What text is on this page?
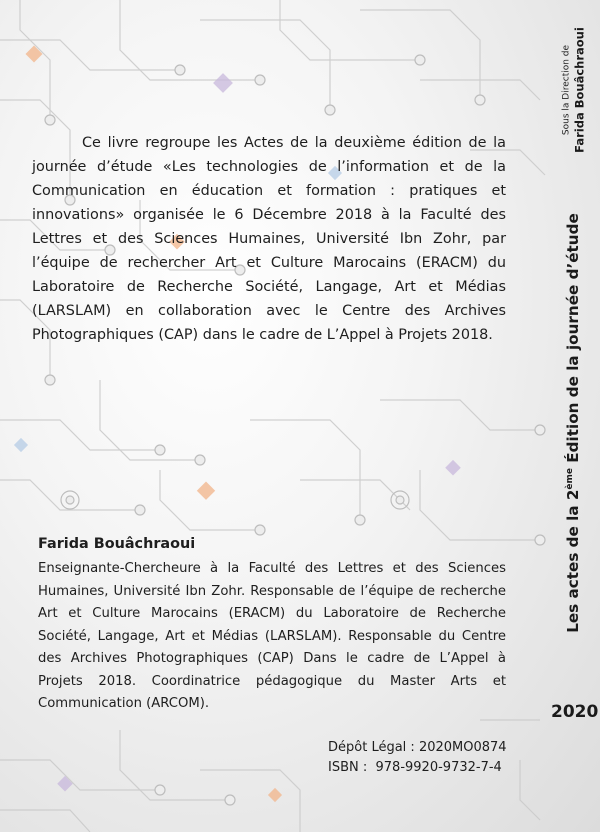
Ce livre regroupe les Actes de la deuxième édition de la journée d’étude «Les technologies de l’information et de la Communication en éducation et formation : pratiques et innovations» organisée le 6 Décembre 2018 à la Faculté des Lettres et des Sciences Humaines, Université Ibn Zohr, par l’équipe de rechercher Art et Culture Marocains (ERACM) du Laboratoire de Recherche Société, Langage, Art et Médias (LARSLAM) en collaboration avec le Centre des Archives Photographiques (CAP) dans le cadre de L’Appel à Projets 2018.
Farida Bouâchraoui
Enseignante-Chercheure à la Faculté des Lettres et des Sciences Humaines, Université Ibn Zohr. Responsable de l’équipe de recherche Art et Culture Marocains (ERACM) du Laboratoire de Recherche Société, Langage, Art et Médias (LARSLAM). Responsable du Centre des Archives Photographiques (CAP) Dans le cadre de L’Appel à Projets 2018. Coordinatrice pédagogique du Master Arts et Communication (ARCOM).
Dépôt Légal : 2020MO0874
ISBN : 978-9920-9732-7-4
Sous la Direction de Farida Bouâchraoui
Les actes de la 2ème Édition de la journée d’étude
2020
